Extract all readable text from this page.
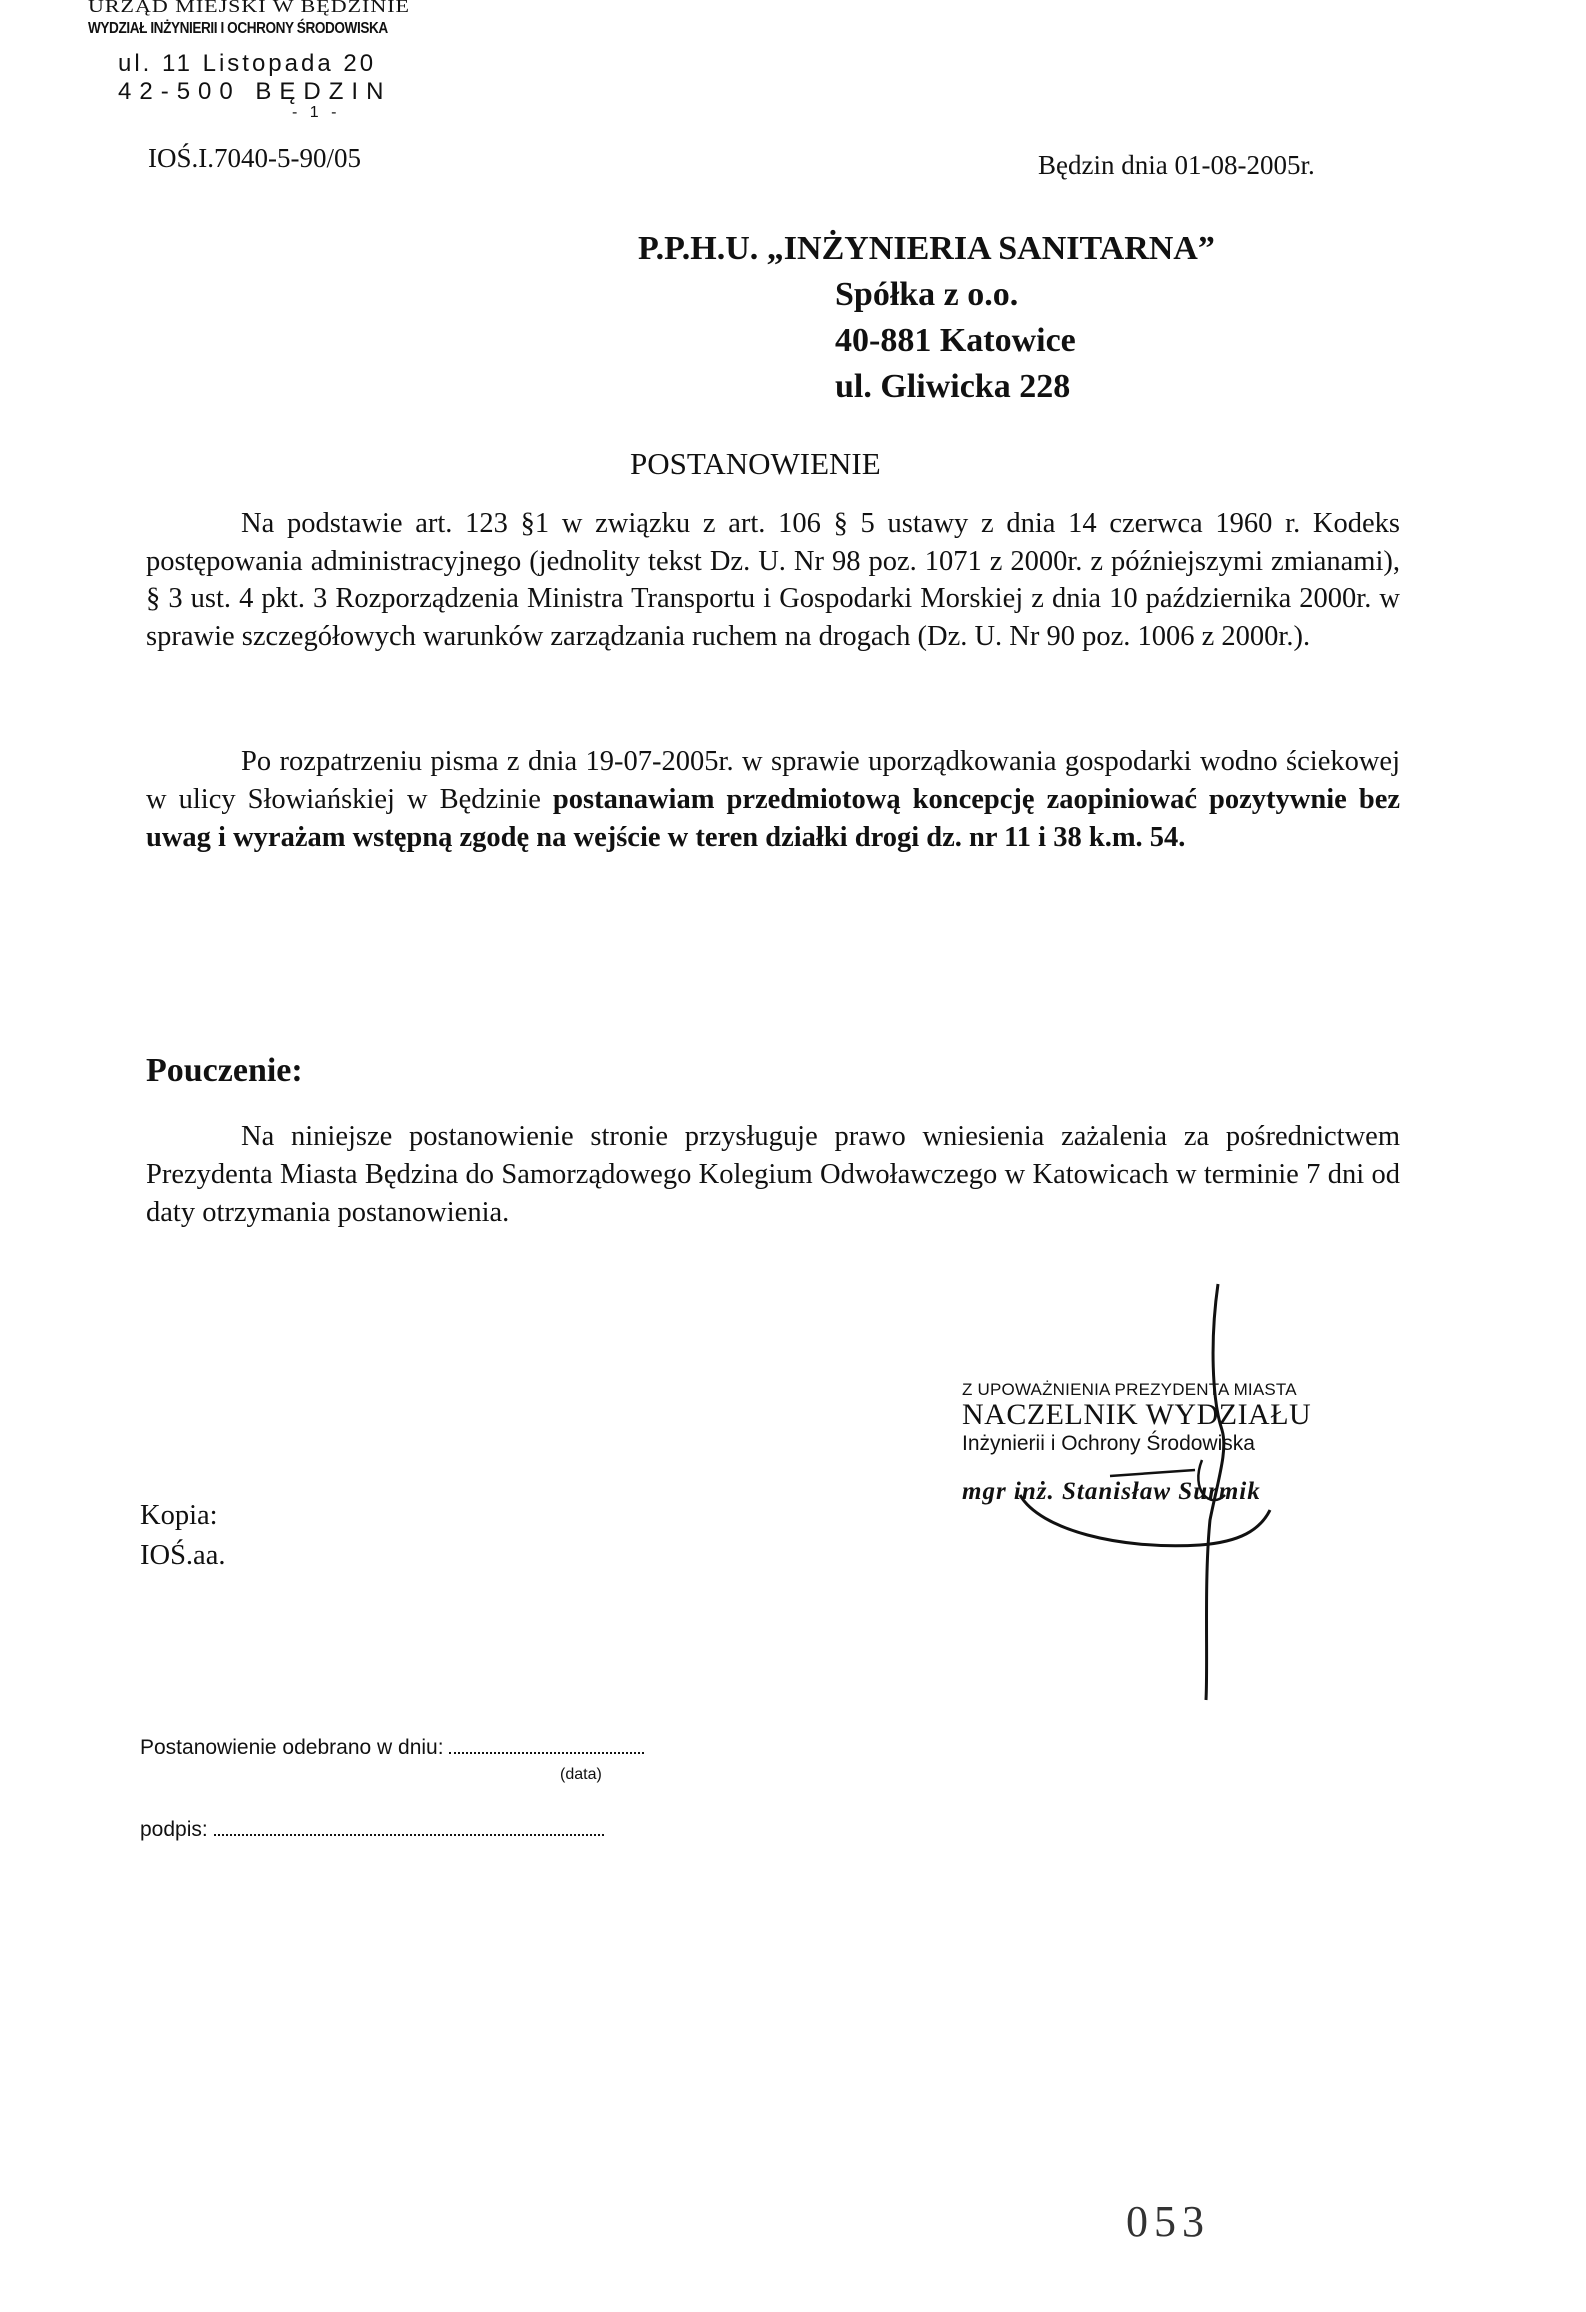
URZĄD MIEJSKI W BĘDZINIE
WYDZIAŁ INŻYNIERII I OCHRONY ŚRODOWISKA
ul. 11 Listopada 20
42-500 BĘDZIN
- 1 -
IOŚ.I.7040-5-90/05	Będzin dnia 01-08-2005r.
P.P.H.U. „INŻYNIERIA SANITARNA”
Spółka z o.o.
40-881 Katowice
ul. Gliwicka 228
POSTANOWIENIE
Na podstawie art. 123 §1 w związku z art. 106 § 5 ustawy z dnia 14 czerwca 1960 r. Kodeks postępowania administracyjnego (jednolity tekst Dz. U. Nr 98 poz. 1071 z 2000r. z późniejszymi zmianami), § 3 ust. 4 pkt. 3 Rozporządzenia Ministra Transportu i Gospodarki Morskiej z dnia 10 października 2000r. w sprawie szczegółowych warunków zarządzania ruchem na drogach (Dz. U. Nr 90 poz. 1006 z 2000r.).
Po rozpatrzeniu pisma z dnia 19-07-2005r. w sprawie uporządkowania gospodarki wodno ściekowej w ulicy Słowiańskiej w Będzinie postanawiam przedmiotową koncepcję zaopiniować pozytywnie bez uwag i wyrażam wstępną zgodę na wejście w teren działki drogi dz. nr 11 i 38 k.m. 54.
Pouczenie:
Na niniejsze postanowienie stronie przysługuje prawo wniesienia zażalenia za pośrednictwem Prezydenta Miasta Będzina do Samorządowego Kolegium Odwoławczego w Katowicach w terminie 7 dni od daty otrzymania postanowienia.
Z UPOWAŻNIENIA PREZYDENTA MIASTA
NACZELNIK WYDZIAŁU
Inżynierii i Ochrony Środowiska
mgr inż. Stanisław Surmik
Kopia:
IOŚ.aa.
Postanowienie odebrano w dniu:
(data)
podpis:
053
